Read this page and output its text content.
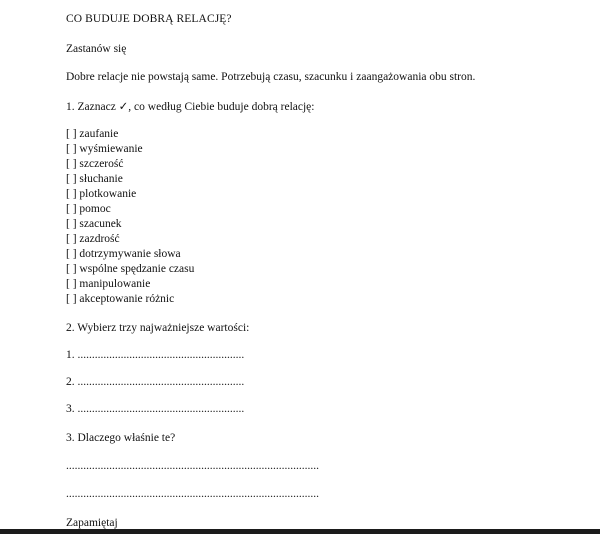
CO BUDUJE DOBRĄ RELACJĘ?
Zastanów się
Dobre relacje nie powstają same. Potrzebują czasu, szacunku i zaangażowania obu stron.
1. Zaznacz ✓, co według Ciebie buduje dobrą relację:
[ ] zaufanie
[ ] wyśmiewanie
[ ] szczerość
[ ] słuchanie
[ ] plotkowanie
[ ] pomoc
[ ] szacunek
[ ] zazdrość
[ ] dotrzymywanie słowa
[ ] wspólne spędzanie czasu
[ ] manipulowanie
[ ] akceptowanie różnic
2. Wybierz trzy najważniejsze wartości:
1. ..........................................................
2. ..........................................................
3. ..........................................................
3. Dlaczego właśnie te?
........................................................................................
........................................................................................
Zapamiętaj
